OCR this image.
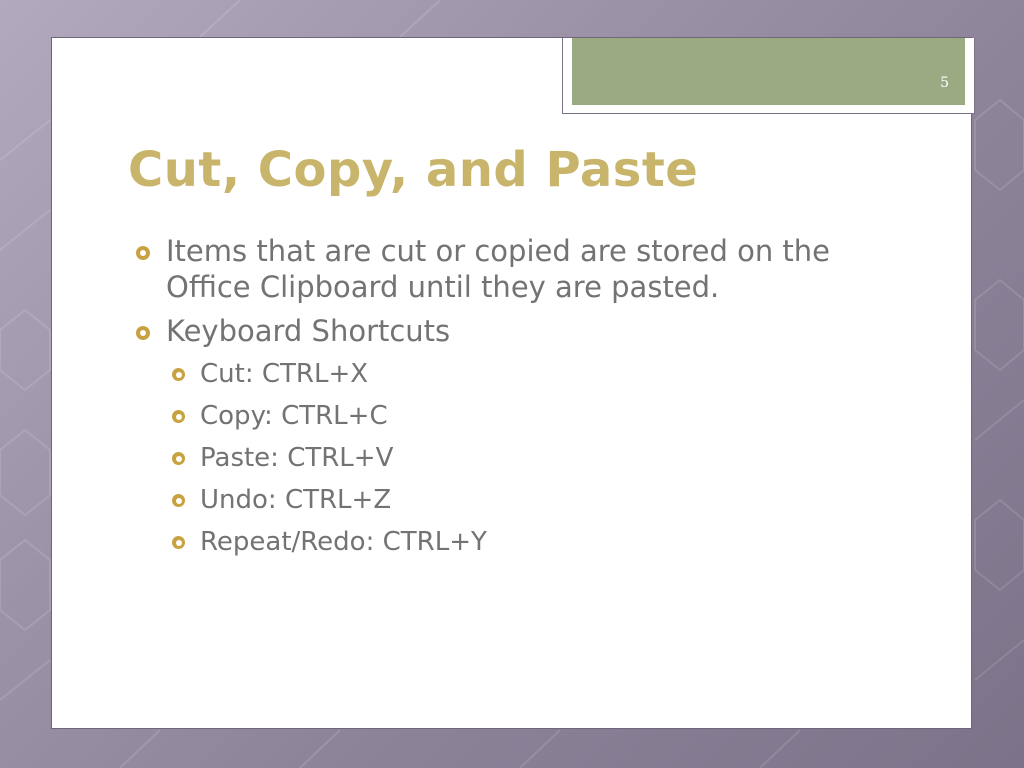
5
Cut, Copy, and Paste
Items that are cut or copied are stored on the Office Clipboard until they are pasted.
Keyboard Shortcuts
Cut: CTRL+X
Copy: CTRL+C
Paste: CTRL+V
Undo: CTRL+Z
Repeat/Redo: CTRL+Y
